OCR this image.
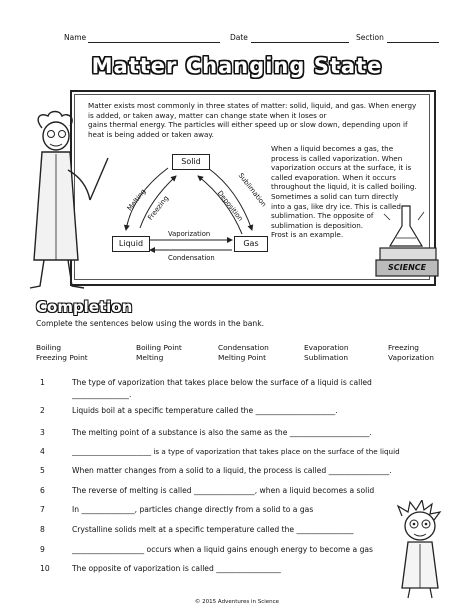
Name	Date	Section
Matter Changing State
Matter exists most commonly in three states of matter: solid, liquid, and gas. When energy
is added, or taken away, matter can change state when it loses or
gains thermal energy. The particles will either speed up or slow down, depending upon if
heat is being added or taken away.
When a liquid becomes a gas, the
process is called vaporization. When
vaporization occurs at the surface, it is
called evaporation. When it occurs
throughout the liquid, it is called boiling.
Sometimes a solid can turn directly
into a gas, like dry ice. This is called
sublimation. The opposite of
sublimation is deposition.
Frost is an example.
Solid
Liquid	Gas
Melting
Freezing	Sublimation
Deposition
Vaporization
Condensation
SCIENCE
Completion
Complete the sentences below using the words in the bank.
Boiling	Boiling Point	Condensation	Evaporation	Freezing
Freezing Point	Melting	Melting Point	Sublimation	Vaporization
1	The type of vaporization that takes place below the surface of a liquid is called
_______________.
2	Liquids boil at a specific temperature called the _____________________.
3	The melting point of a substance is also the same as the _____________________.
4	______________________ is a type of vaporization that takes place on the surface of the liquid
5	When matter changes from a solid to a liquid, the process is called ________________.
6	The reverse of melting is called ________________, when a liquid becomes a solid
7	In ______________, particles change directly from a solid to a gas
8	Crystalline solids melt at a specific temperature called the _______________
9	___________________ occurs when a liquid gains enough energy to become a gas
10	The opposite of vaporization is called _________________
© 2015 Adventures in Science
